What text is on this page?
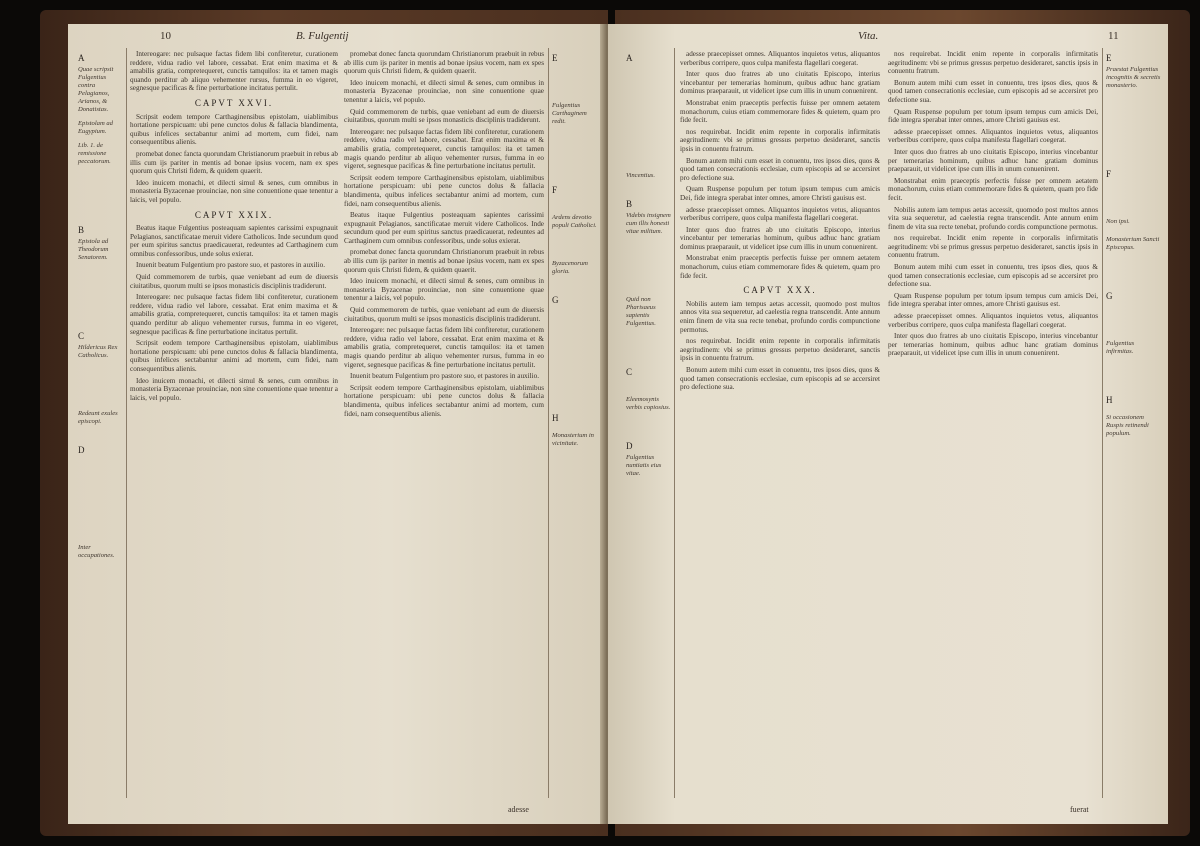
10	B. Fulgentij
A
Quae scripsit Fulgentius contra Pelagianos, Arianos, & Donatistas.
Epistolam ad Eugypium.
Lib. 1. de remissione peccatorum.
B
Epistola ad Theodorum Senatorem.
C
Hildericus Rex Catholicus.
Redeunt exules episcopi.
D
Inter occupationes.

Intereogare: nec pulsaque factas fidem libi confiteretur, curationem reddere, vidua radio vel labore, cessabat. Erat enim maxima et & amabilis gratia, compretequeret, cunctis tamquilos: ita et tamen magis quando perditur ab aliquo vehementer rursus, fumma in eo vigeret, segnesque pacificas & fine perturbatione incitatus pertulit.

CAPVT XXVI.

Scripsit eodem tempore Carthaginensibus epistolam, uiablimibus hortatione perspicuam: ubi pene cunctos dolus & fallacia blandimenta, quibus infelices sectabantur animi ad mortem, cum fidei, nam consequentibus alienis.

promebat donec fancta quorundam Christianorum praebuit in rebus ab illis cum ijs pariter in mentis ad bonae ipsius vocem, nam ex spes quorum quis Christi fidem, & quidem quaerit.

Ideo inuicem monachi, et dilecti simul & senes, cum omnibus in monasteria Byzacenae prouinciae, non sine conuentione quae tenentur a laicis, vel populo.

CAPVT XXIX.

Beatus itaque Fulgentius posteaquam sapientes carissimi expugnauit Pelagianos, sanctificatae meruit videre Catholicos. Inde secundum quod per eum spiritus sanctus praedicauerat, redeuntes ad Carthaginem cum omnibus confessoribus, unde solus exierat.

Inuenit beatum Fulgentium pro pastore suo, et pastores in auxilio.

Quid commemorem de turbis, quae veniebant ad eum de diuersis ciuitatibus, quorum multi se ipsos monasticis disciplinis tradiderunt.

Intereogare: nec pulsaque factas fidem libi confiteretur, curationem reddere, vidua radio vel labore, cessabat. Erat enim maxima et & amabilis gratia, compretequeret, cunctis tamquilos: ita et tamen magis quando perditur ab aliquo vehementer rursus, fumma in eo vigeret, segnesque pacificas & fine perturbatione incitatus pertulit.

Scripsit eodem tempore Carthaginensibus epistolam, uiablimibus hortatione perspicuam: ubi pene cunctos dolus & fallacia blandimenta, quibus infelices sectabantur animi ad mortem, cum fidei, nam consequentibus alienis.

Ideo inuicem monachi, et dilecti simul & senes, cum omnibus in monasteria Byzacenae prouinciae, non sine conuentione quae tenentur a laicis, vel populo.

promebat donec fancta quorundam Christianorum praebuit in rebus ab illis cum ijs pariter in mentis ad bonae ipsius vocem, nam ex spes quorum quis Christi fidem, & quidem quaerit.

Ideo inuicem monachi, et dilecti simul & senes, cum omnibus in monasteria Byzacenae prouinciae, non sine conuentione quae tenentur a laicis, vel populo.

Quid commemorem de turbis, quae veniebant ad eum de diuersis ciuitatibus, quorum multi se ipsos monasticis disciplinis tradiderunt.

Intereogare: nec pulsaque factas fidem libi confiteretur, curationem reddere, vidua radio vel labore, cessabat. Erat enim maxima et & amabilis gratia, compretequeret, cunctis tamquilos: ita et tamen magis quando perditur ab aliquo vehementer rursus, fumma in eo vigeret, segnesque pacificas & fine perturbatione incitatus pertulit.

Scripsit eodem tempore Carthaginensibus epistolam, uiablimibus hortatione perspicuam: ubi pene cunctos dolus & fallacia blandimenta, quibus infelices sectabantur animi ad mortem, cum fidei, nam consequentibus alienis.

Beatus itaque Fulgentius posteaquam sapientes carissimi expugnauit Pelagianos, sanctificatae meruit videre Catholicos. Inde secundum quod per eum spiritus sanctus praedicauerat, redeuntes ad Carthaginem cum omnibus confessoribus, unde solus exierat.

promebat donec fancta quorundam Christianorum praebuit in rebus ab illis cum ijs pariter in mentis ad bonae ipsius vocem, nam ex spes quorum quis Christi fidem, & quidem quaerit.

Ideo inuicem monachi, et dilecti simul & senes, cum omnibus in monasteria Byzacenae prouinciae, non sine conuentione quae tenentur a laicis, vel populo.

Quid commemorem de turbis, quae veniebant ad eum de diuersis ciuitatibus, quorum multi se ipsos monasticis disciplinis tradiderunt.

Intereogare: nec pulsaque factas fidem libi confiteretur, curationem reddere, vidua radio vel labore, cessabat. Erat enim maxima et & amabilis gratia, compretequeret, cunctis tamquilos: ita et tamen magis quando perditur ab aliquo vehementer rursus, fumma in eo vigeret, segnesque pacificas & fine perturbatione incitatus pertulit.

Inuenit beatum Fulgentium pro pastore suo, et pastores in auxilio.

Scripsit eodem tempore Carthaginensibus epistolam, uiablimibus hortatione perspicuam: ubi pene cunctos dolus & fallacia blandimenta, quibus infelices sectabantur animi ad mortem, cum fidei, nam consequentibus alienis.

E
Fulgentius Carthaginem redit.
F
Ardens devotio populi Catholici.
Byzacenorum gloria.
G
H
Monasterium in vicinitate.
adesse
Vita.	11
A
Vincentius.
B
Videbis insignem cum illis honesti vitae militum.
Quid non Pharisaeus sapientis Fulgentius.
C
Eleemosynis verbis copiosius.
D
Fulgentius nuntiatis eius vitae.

adesse praecepisset omnes. Aliquantos inquietos vetus, aliquantos verberibus corripere, quos culpa manifesta flagellari coegerat.

Inter quos duo fratres ab uno ciuitatis Episcopo, interius vincebantur per temerarias hominum, quibus adhuc hanc gratiam dominus praeparauit, ut videlicet ipse cum illis in unum conuenirent.

Monstrabat enim praeceptis perfectis fuisse per omnem aetatem monachorum, cuius etiam commemorare fides & quietem, quam pro fide fecit.

nos requirebat. Incidit enim repente in corporalis infirmitatis aegritudinem: vbi se primus gressus perpetuo desideraret, sanctis ipsis in conuentu fratrum.

Bonum autem mihi cum esset in conuentu, tres ipsos dies, quos & quod tamen consecrationis ecclesiae, cum episcopis ad se accersiret pro defectione sua.

Quam Ruspense populum per totum ipsum tempus cum amicis Dei, fide integra sperabat inter omnes, amore Christi gauisus est.

adesse praecepisset omnes. Aliquantos inquietos vetus, aliquantos verberibus corripere, quos culpa manifesta flagellari coegerat.

Inter quos duo fratres ab uno ciuitatis Episcopo, interius vincebantur per temerarias hominum, quibus adhuc hanc gratiam dominus praeparauit, ut videlicet ipse cum illis in unum conuenirent.

Monstrabat enim praeceptis perfectis fuisse per omnem aetatem monachorum, cuius etiam commemorare fides & quietem, quam pro fide fecit.

CAPVT XXX.

Nobilis autem iam tempus aetas accessit, quomodo post multos annos vita sua sequeretur, ad caelestia regna transcendit. Ante annum enim finem de vita sua recte tenebat, profundo cordis compunctione permotus.

nos requirebat. Incidit enim repente in corporalis infirmitatis aegritudinem: vbi se primus gressus perpetuo desideraret, sanctis ipsis in conuentu fratrum.

Bonum autem mihi cum esset in conuentu, tres ipsos dies, quos & quod tamen consecrationis ecclesiae, cum episcopis ad se accersiret pro defectione sua.

nos requirebat. Incidit enim repente in corporalis infirmitatis aegritudinem: vbi se primus gressus perpetuo desideraret, sanctis ipsis in conuentu fratrum.

Bonum autem mihi cum esset in conuentu, tres ipsos dies, quos & quod tamen consecrationis ecclesiae, cum episcopis ad se accersiret pro defectione sua.

Quam Ruspense populum per totum ipsum tempus cum amicis Dei, fide integra sperabat inter omnes, amore Christi gauisus est.

adesse praecepisset omnes. Aliquantos inquietos vetus, aliquantos verberibus corripere, quos culpa manifesta flagellari coegerat.

Inter quos duo fratres ab uno ciuitatis Episcopo, interius vincebantur per temerarias hominum, quibus adhuc hanc gratiam dominus praeparauit, ut videlicet ipse cum illis in unum conuenirent.

Monstrabat enim praeceptis perfectis fuisse per omnem aetatem monachorum, cuius etiam commemorare fides & quietem, quam pro fide fecit.

Nobilis autem iam tempus aetas accessit, quomodo post multos annos vita sua sequeretur, ad caelestia regna transcendit. Ante annum enim finem de vita sua recte tenebat, profundo cordis compunctione permotus.

nos requirebat. Incidit enim repente in corporalis infirmitatis aegritudinem: vbi se primus gressus perpetuo desideraret, sanctis ipsis in conuentu fratrum.

Bonum autem mihi cum esset in conuentu, tres ipsos dies, quos & quod tamen consecrationis ecclesiae, cum episcopis ad se accersiret pro defectione sua.

Quam Ruspense populum per totum ipsum tempus cum amicis Dei, fide integra sperabat inter omnes, amore Christi gauisus est.

adesse praecepisset omnes. Aliquantos inquietos vetus, aliquantos verberibus corripere, quos culpa manifesta flagellari coegerat.

Inter quos duo fratres ab uno ciuitatis Episcopo, interius vincebantur per temerarias hominum, quibus adhuc hanc gratiam dominus praeparauit, ut videlicet ipse cum illis in unum conuenirent.

E
Praestat Fulgentius incognitis & secretis monasterio.
F
Non ipsi.
Monasterium Sancti Episcopus.
G
Fulgentius infirmitas.
H
Si occasionem Ruspis retinendi populum.
fuerat
